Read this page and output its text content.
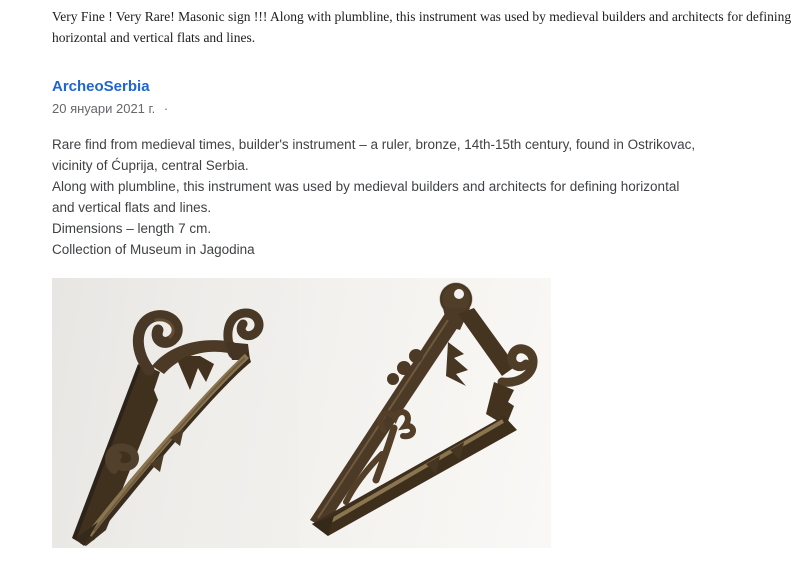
Very Fine ! Very Rare! Masonic sign !!! Along with plumbline, this instrument was used by medieval builders and architects for defining
horizontal and vertical flats and lines.
ArcheoSerbia
20 януари 2021 г. ·
Rare find from medieval times, builder's instrument – a ruler, bronze, 14th-15th century, found in Ostrikovac,
vicinity of Ćuprija, central Serbia.
Along with plumbline, this instrument was used by medieval builders and architects for defining horizontal
and vertical flats and lines.
Dimensions – length 7 cm.
Collection of Museum in Jagodina
